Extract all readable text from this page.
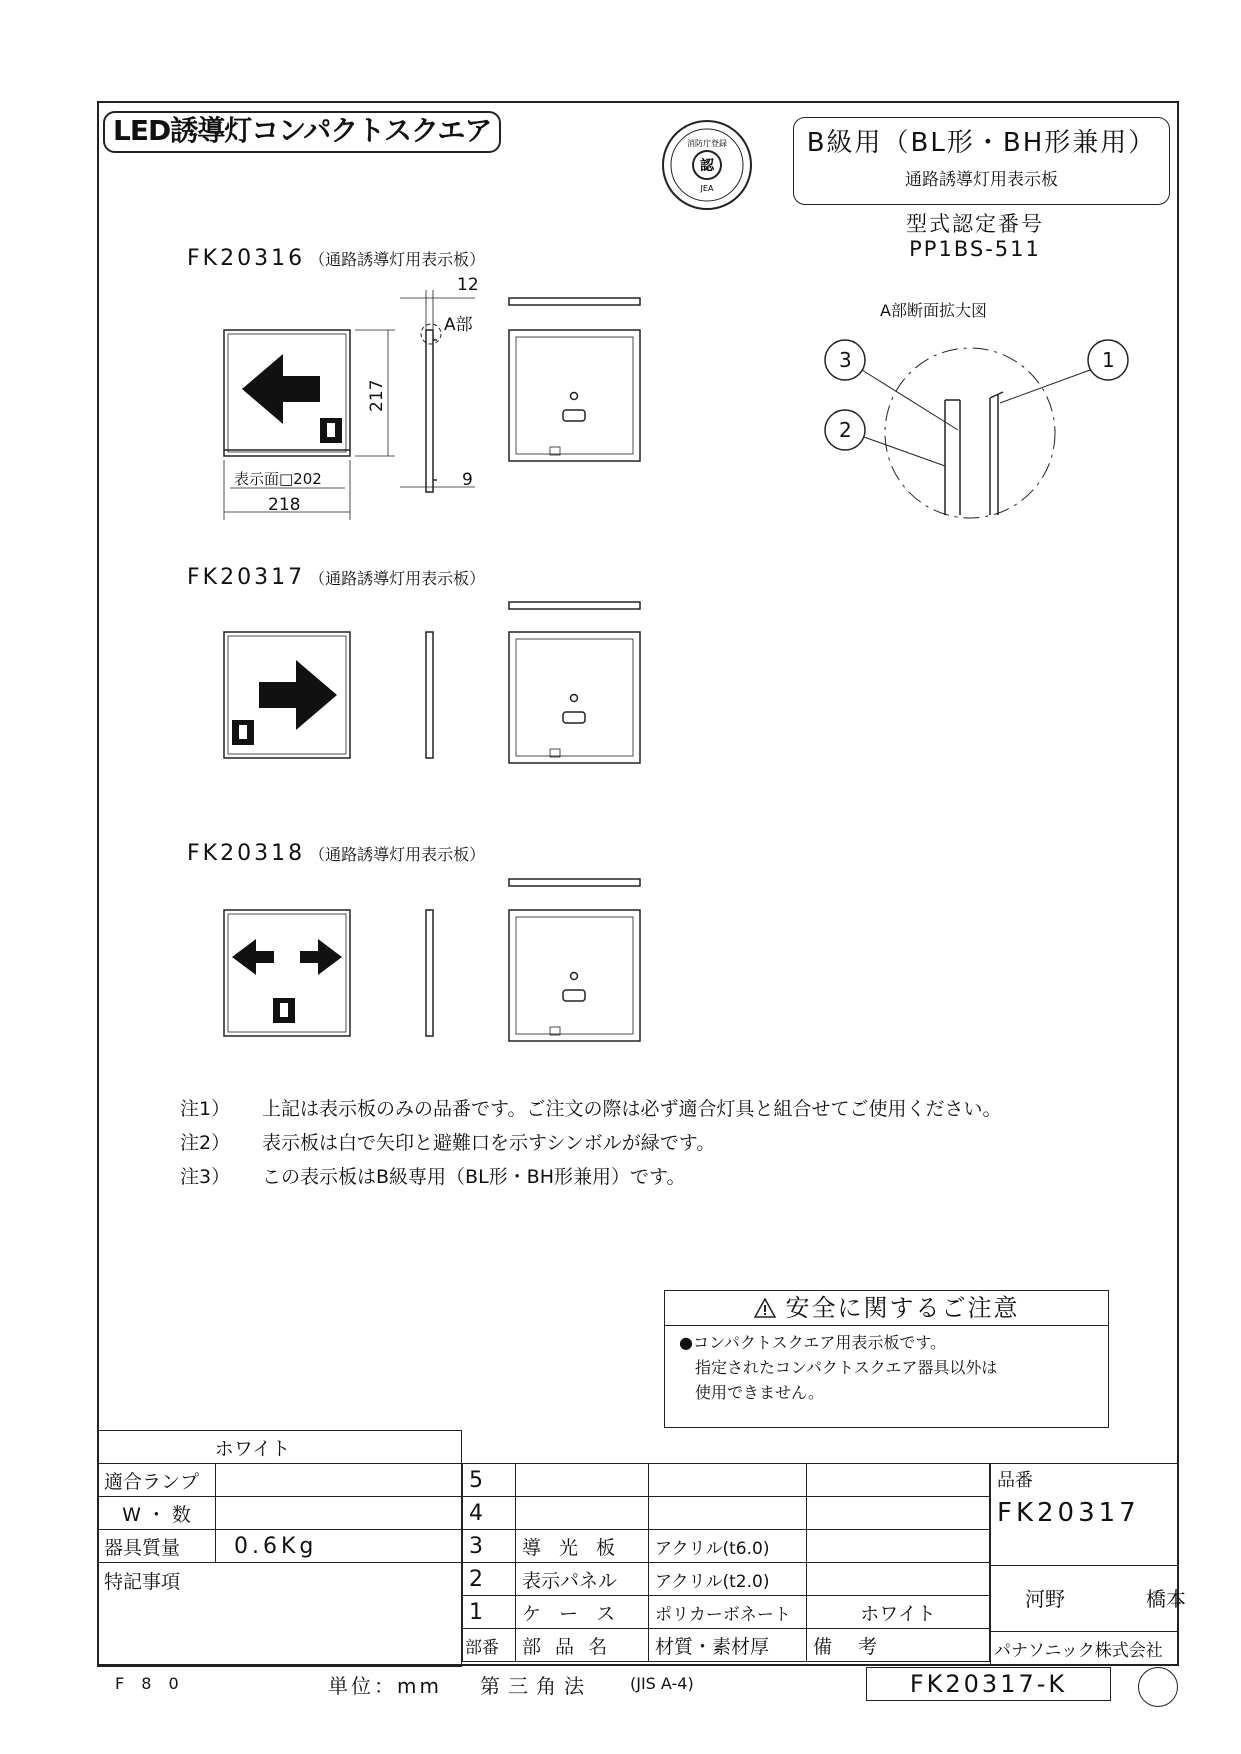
LED誘導灯コンパクトスクエア
認
消防庁登録
JEA
B級用（BL形・BH形兼用）
通路誘導灯用表示板
型式認定番号
PP1BS-511
FK20316 （通路誘導灯用表示板）
FK20317 （通路誘導灯用表示板）
FK20318 （通路誘導灯用表示板）
12
A部
9
表示面□202
218
217
3	1
2
A部断面拡大図
注1） 上記は表示板のみの品番です。ご注文の際は必ず適合灯具と組合せてご使用ください。
注2） 表示板は白で矢印と避難口を示すシンボルが緑です。
注3） この表示板はB級専用（BL形・BH形兼用）です。
安全に関するご注意
●コンパクトスクエア用表示板です。
指定されたコンパクトスクエア器具以外は
使用できません。
ホワイト	
適合ランプ	
W ・ 数	
器具質量	0.6Kg
特記事項	
5			
4			
3	導 光 板	アクリル(t6.0)	
2	表示パネル	アクリル(t2.0)	
1	ケ ー ス	ポリカーボネート	ホワイト
部番	部 品 名	材質・素材厚	備 考
品番
FK20317

河野	橋本

パナソニック株式会社
F 8 0	単位：mm 第三角法 (JIS A-4)	FK20317-K
